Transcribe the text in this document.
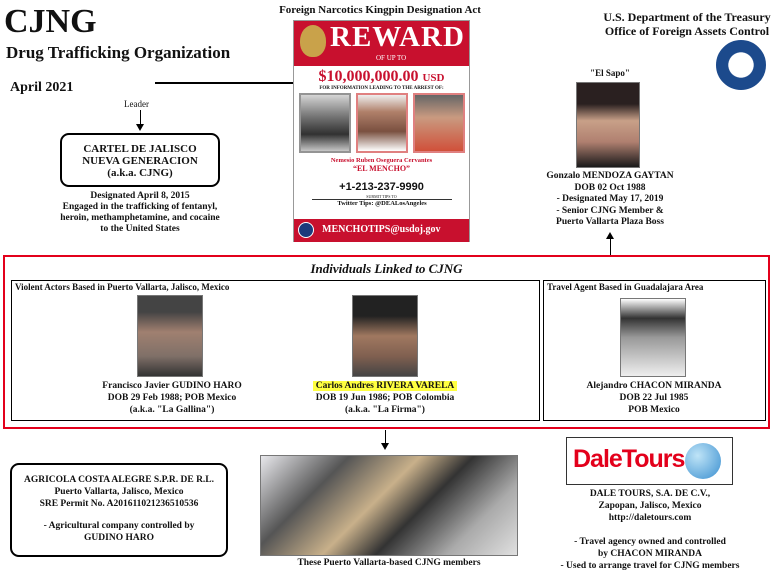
CJNG
Drug Trafficking Organization
April 2021
Foreign Narcotics Kingpin Designation Act	U.S. Department of the Treasury
Office of Foreign Assets Control
Leader
CARTEL DE JALISCO
NUEVA GENERACION
(a.k.a. CJNG)
Designated April 8, 2015
Engaged in the trafficking of fentanyl,
heroin, methamphetamine, and cocaine
to the United States
REWARD
OF UP TO
$10,000,000.00 USD
FOR INFORMATION LEADING TO THE ARREST OF:
Nemesio Ruben Oseguera Cervantes
“EL MENCHO”
+1-213-237-9990
SUBMIT TIPS TO
Twitter Tips: @DEALosAngeles
MENCHOTIPS@usdoj.gov
"El Sapo"
Gonzalo MENDOZA GAYTAN
DOB 02 Oct 1988
- Designated May 17, 2019
- Senior CJNG Member &
Puerto Vallarta Plaza Boss
Individuals Linked to CJNG
Violent Actors Based in Puerto Vallarta, Jalisco, Mexico
Francisco Javier GUDINO HARO
DOB 29 Feb 1988; POB Mexico
(a.k.a. "La Gallina")
Carlos Andres RIVERA VARELA
DOB 19 Jun 1986; POB Colombia
(a.k.a. "La Firma")
Travel Agent Based in Guadalajara Area
Alejandro CHACON MIRANDA
DOB 22 Jul 1985
POB Mexico
AGRICOLA COSTA ALEGRE S.P.R. DE R.L.
Puerto Vallarta, Jalisco, Mexico
SRE Permit No. A201611021236510536
- Agricultural company controlled by
GUDINO HARO
These Puerto Vallarta-based CJNG members
DaleTours
DALE TOURS, S.A. DE C.V.,
Zapopan, Jalisco, Mexico
http://daletours.com
- Travel agency owned and controlled
by CHACON MIRANDA
- Used to arrange travel for CJNG members
